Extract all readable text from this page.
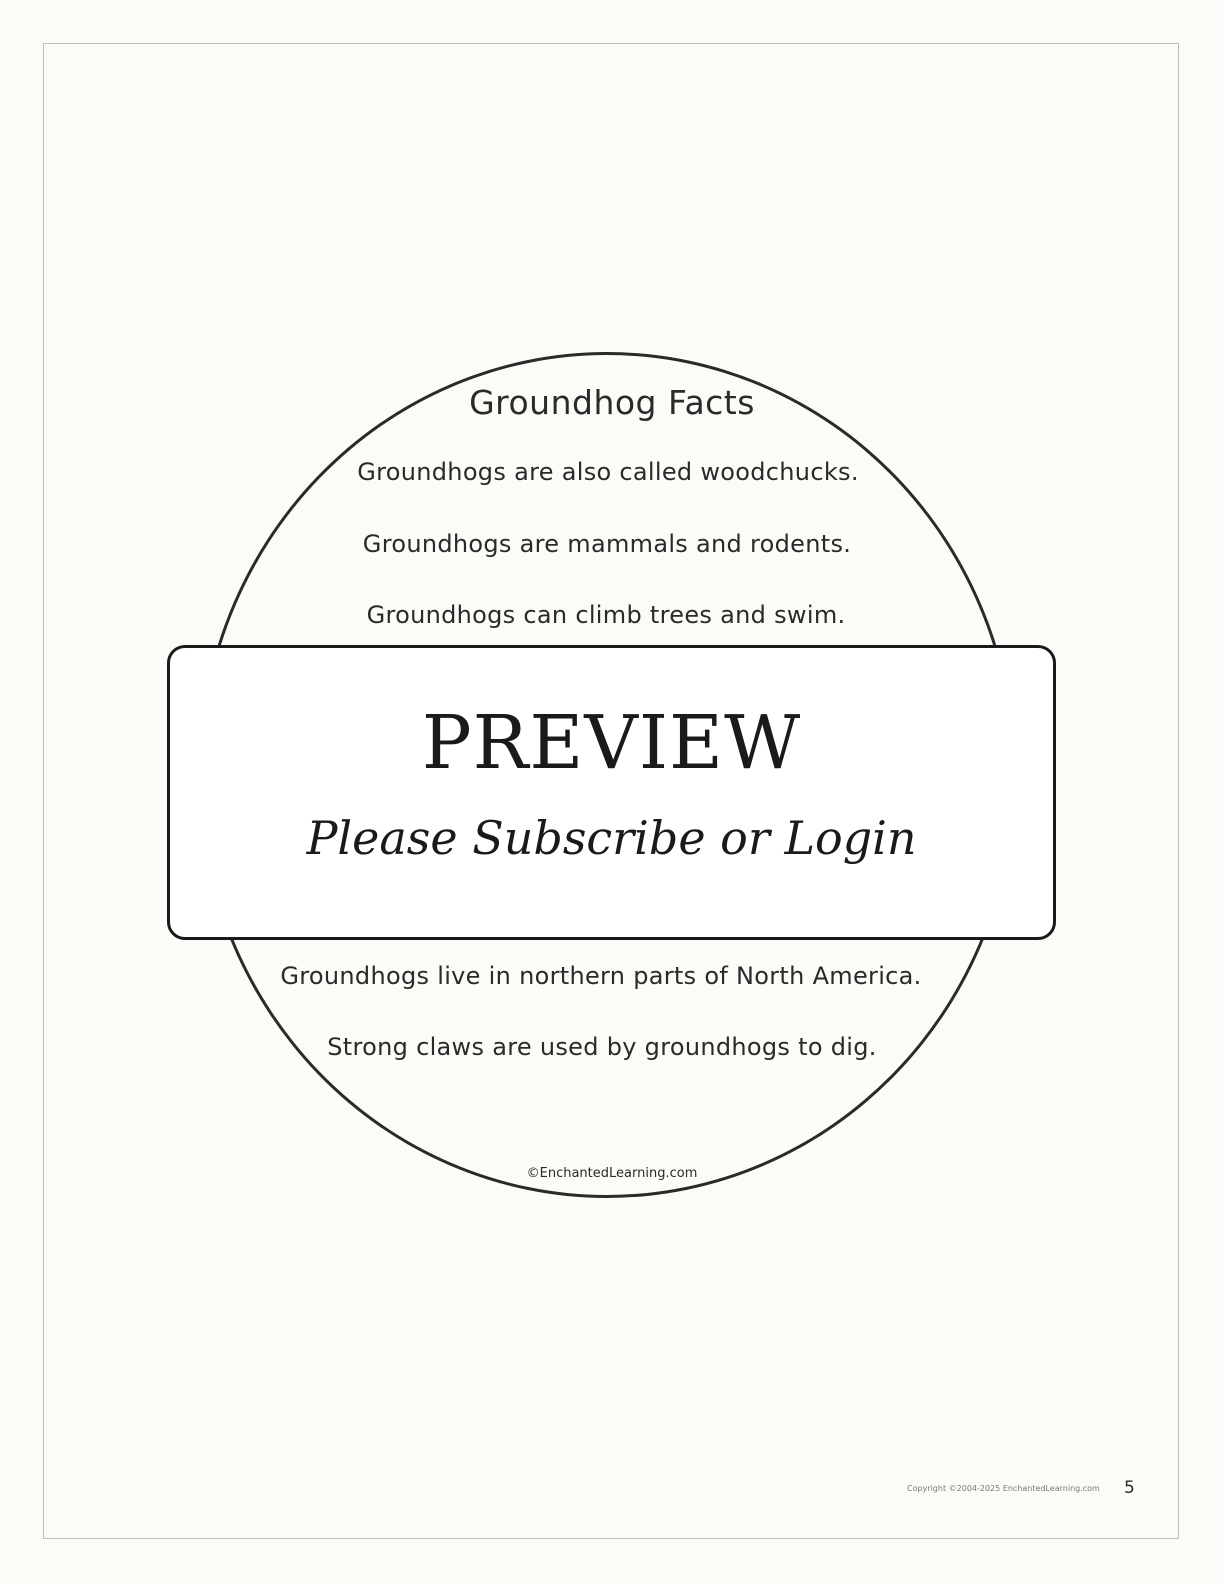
Groundhog Facts
Groundhogs are also called woodchucks.
Groundhogs are mammals and rodents.
Groundhogs can climb trees and swim.
Groundhogs live in northern parts of North America.
Strong claws are used by groundhogs to dig.
©EnchantedLearning.com
PREVIEW
Please Subscribe or Login
Copyright ©2004-2025 EnchantedLearning.com 5
